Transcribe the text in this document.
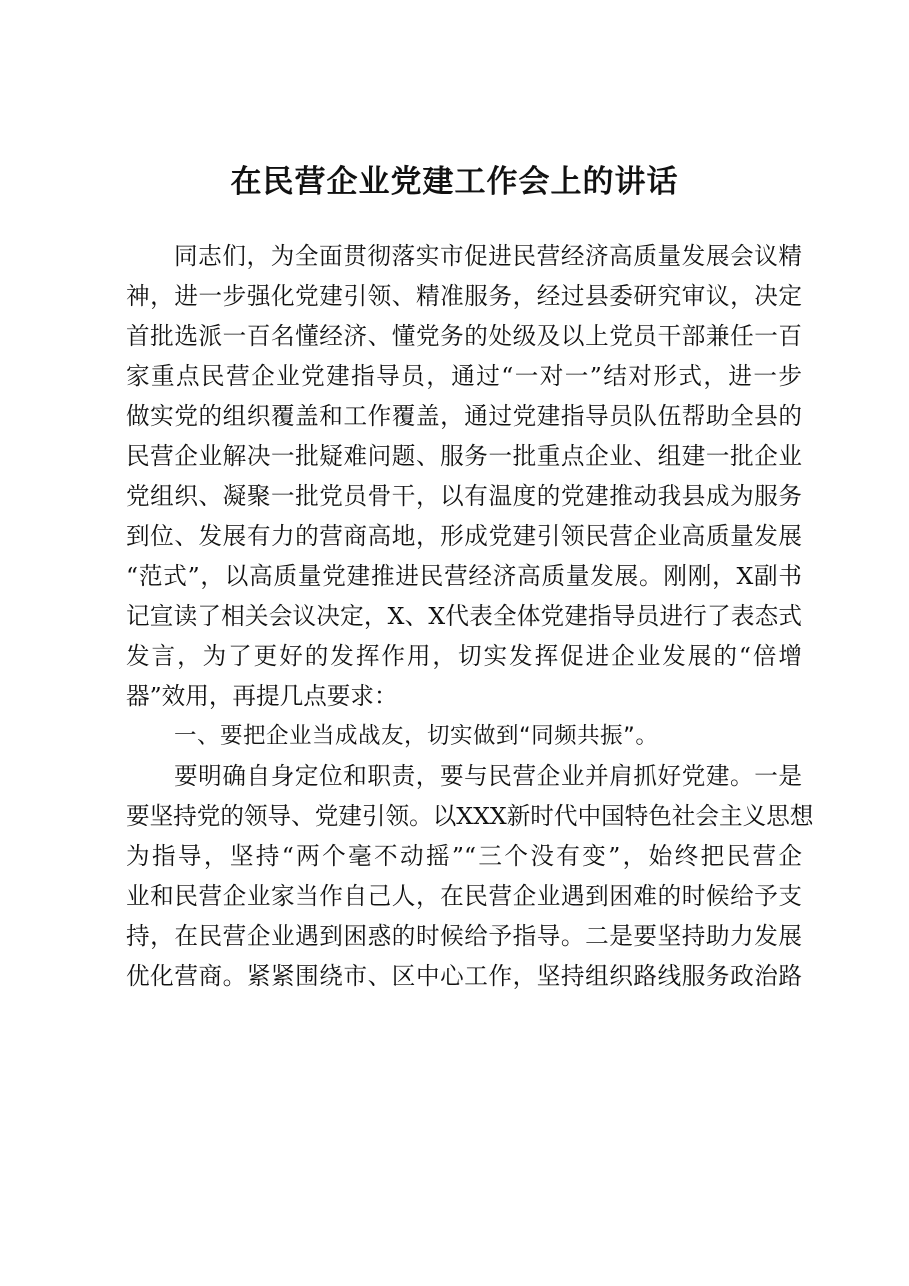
在民营企业党建工作会上的讲话
同志们，为全面贯彻落实市促进民营经济高质量发展会议精
神，进一步强化党建引领、精准服务，经过县委研究审议，决定
首批选派一百名懂经济、懂党务的处级及以上党员干部兼任一百
家重点民营企业党建指导员，通过“一对一”结对形式，进一步
做实党的组织覆盖和工作覆盖，通过党建指导员队伍帮助全县的
民营企业解决一批疑难问题、服务一批重点企业、组建一批企业
党组织、凝聚一批党员骨干，以有温度的党建推动我县成为服务
到位、发展有力的营商高地，形成党建引领民营企业高质量发展
“范式”，以高质量党建推进民营经济高质量发展。刚刚，X副书
记宣读了相关会议决定，X、X代表全体党建指导员进行了表态式
发言，为了更好的发挥作用，切实发挥促进企业发展的“倍增
器”效用，再提几点要求：
一、要把企业当成战友，切实做到“同频共振”。
要明确自身定位和职责，要与民营企业并肩抓好党建。一是
要坚持党的领导、党建引领。以XXX新时代中国特色社会主义思想
为指导，坚持“两个毫不动摇”“三个没有变”，始终把民营企
业和民营企业家当作自己人，在民营企业遇到困难的时候给予支
持，在民营企业遇到困惑的时候给予指导。二是要坚持助力发展
优化营商。紧紧围绕市、区中心工作，坚持组织路线服务政治路
